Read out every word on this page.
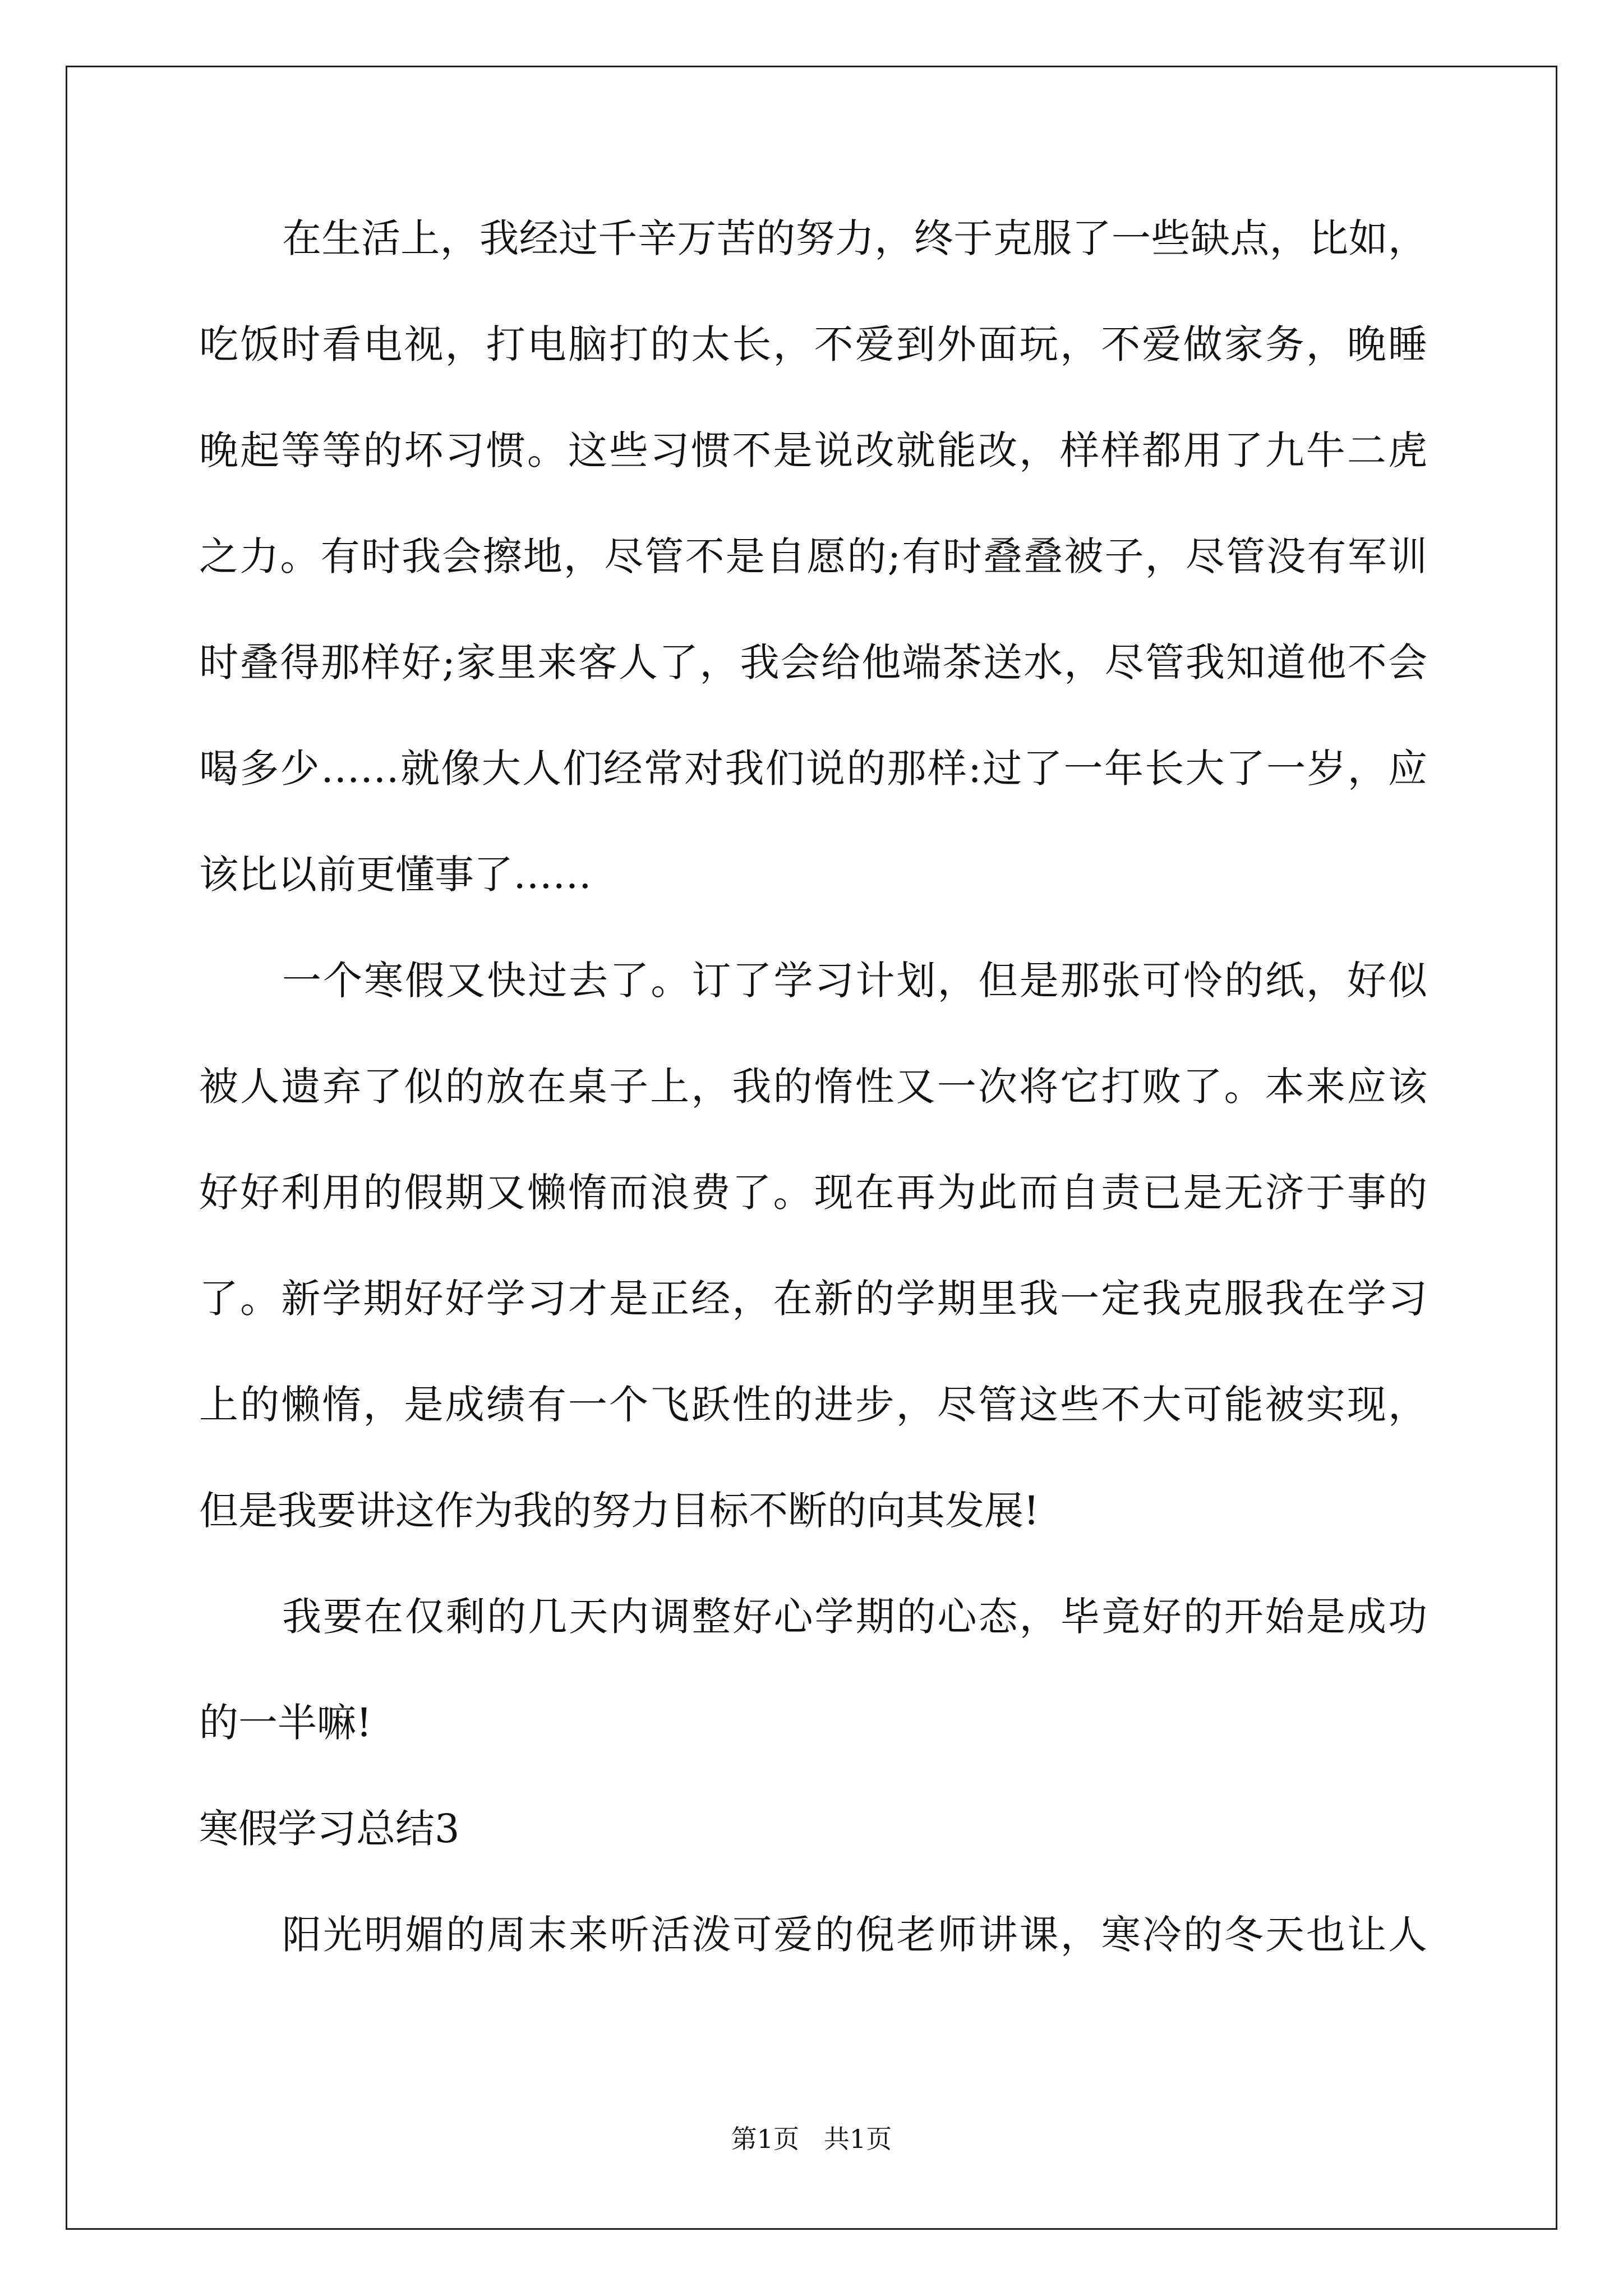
在生活上，我经过千辛万苦的努力，终于克服了一些缺点，比如，
吃饭时看电视，打电脑打的太长，不爱到外面玩，不爱做家务，晚睡
晚起等等的坏习惯。这些习惯不是说改就能改，样样都用了九牛二虎
之力。有时我会擦地，尽管不是自愿的;有时叠叠被子，尽管没有军训
时叠得那样好;家里来客人了，我会给他端茶送水，尽管我知道他不会
喝多少……就像大人们经常对我们说的那样:过了一年长大了一岁，应
该比以前更懂事了……
一个寒假又快过去了。订了学习计划，但是那张可怜的纸，好似
被人遗弃了似的放在桌子上，我的惰性又一次将它打败了。本来应该
好好利用的假期又懒惰而浪费了。现在再为此而自责已是无济于事的
了。新学期好好学习才是正经，在新的学期里我一定我克服我在学习
上的懒惰，是成绩有一个飞跃性的进步，尽管这些不大可能被实现，
但是我要讲这作为我的努力目标不断的向其发展!
我要在仅剩的几天内调整好心学期的心态，毕竟好的开始是成功
的一半嘛!
寒假学习总结3
阳光明媚的周末来听活泼可爱的倪老师讲课，寒冷的冬天也让人
第1页   共1页
